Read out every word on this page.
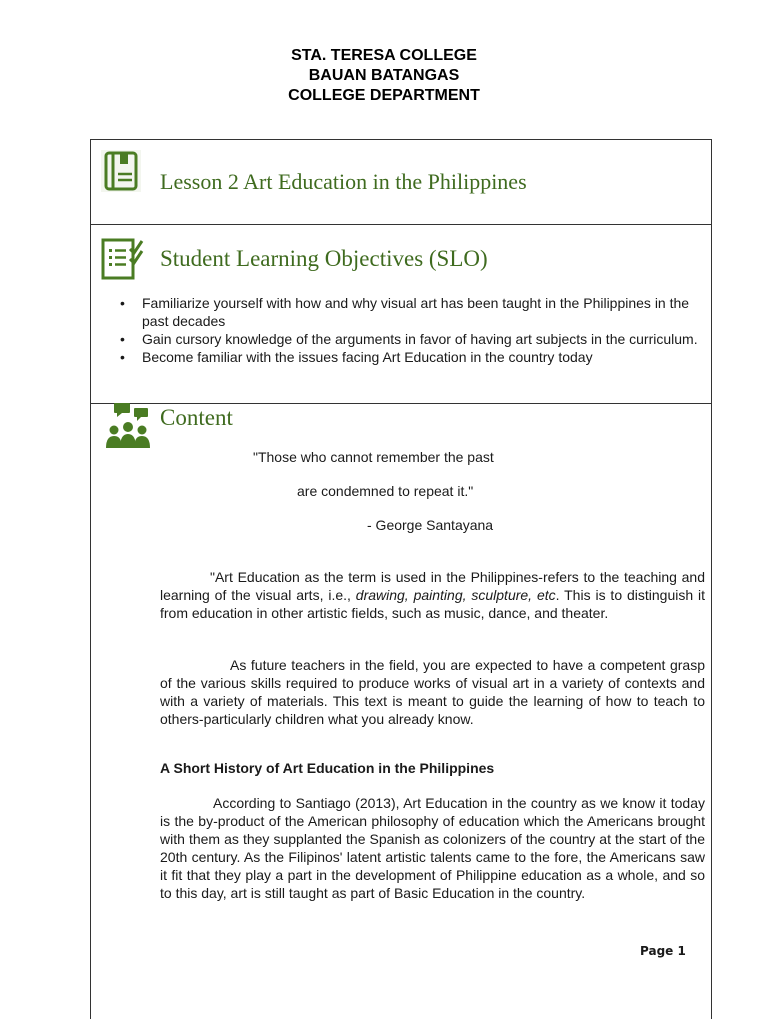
STA. TERESA COLLEGE
BAUAN BATANGAS
COLLEGE DEPARTMENT
Lesson 2 Art Education in the Philippines
Student Learning Objectives (SLO)
• Familiarize yourself with how and why visual art has been taught in the Philippines in the past decades
• Gain cursory knowledge of the arguments in favor of having art subjects in the curriculum.
• Become familiar with the issues facing Art Education in the country today
Content
"Those who cannot remember the past
are condemned to repeat it."
- George Santayana

"Art Education as the term is used in the Philippines-refers to the teaching and learning of the visual arts, i.e., drawing, painting, sculpture, etc. This is to distinguish it from education in other artistic fields, such as music, dance, and theater.

As future teachers in the field, you are expected to have a competent grasp of the various skills required to produce works of visual art in a variety of contexts and with a variety of materials. This text is meant to guide the learning of how to teach to others-particularly children what you already know.

A Short History of Art Education in the Philippines

According to Santiago (2013), Art Education in the country as we know it today is the by-product of the American philosophy of education which the Americans brought with them as they supplanted the Spanish as colonizers of the country at the start of the 20th century. As the Filipinos' latent artistic talents came to the fore, the Americans saw it fit that they play a part in the development of Philippine education as a whole, and so to this day, art is still taught as part of Basic Education in the country.

Page 1
